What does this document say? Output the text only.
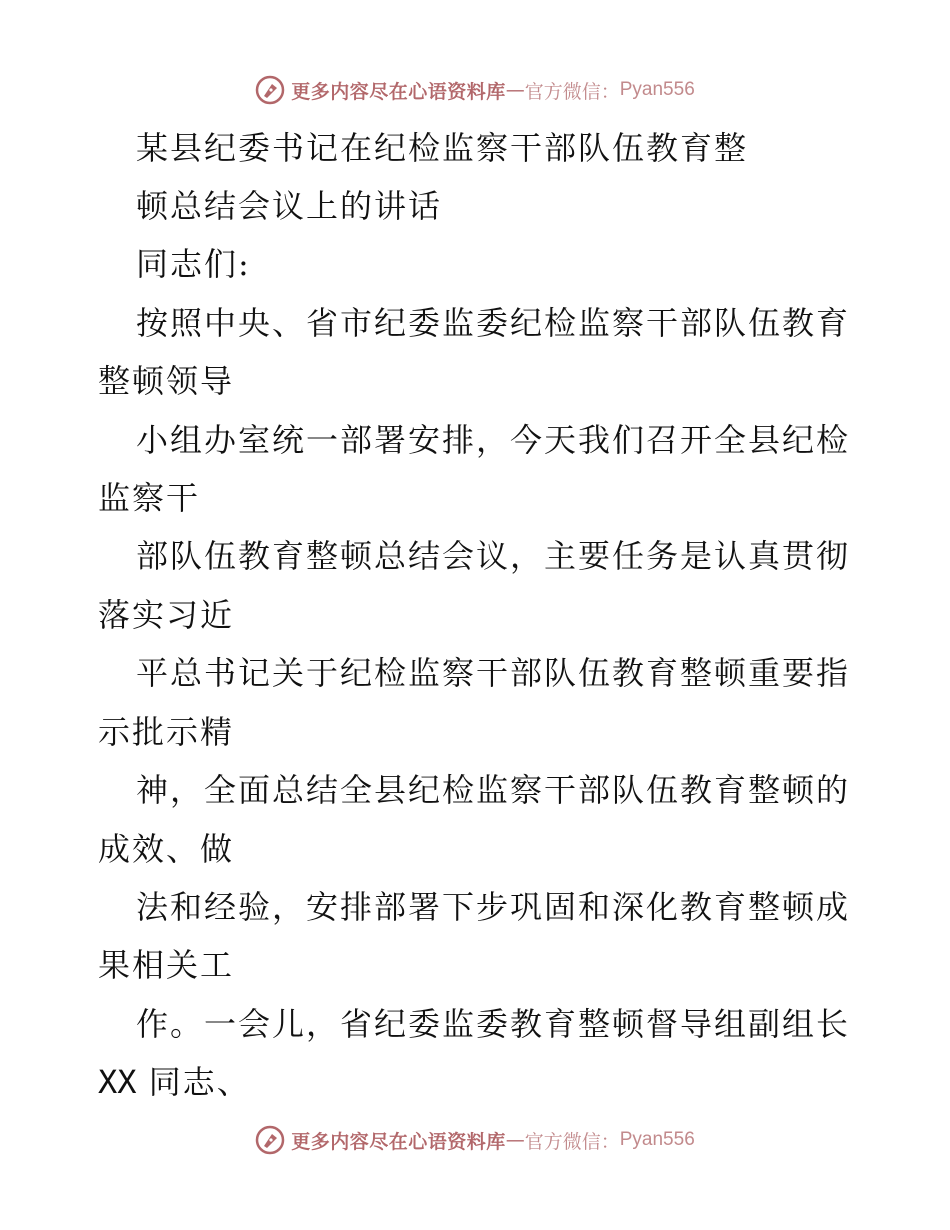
更多内容尽在心语资料库 — 官方微信： Pyan556
某县纪委书记在纪检监察干部队伍教育整
顿总结会议上的讲话
同志们:
按照中央、省市纪委监委纪检监察干部队伍教育
整顿领导
小组办室统一部署安排，今天我们召开全县纪检
监察干
部队伍教育整顿总结会议，主要任务是认真贯彻
落实习近
平总书记关于纪检监察干部队伍教育整顿重要指
示批示精
神，全面总结全县纪检监察干部队伍教育整顿的
成效、做
法和经验，安排部署下步巩固和深化教育整顿成
果相关工
作。一会儿，省纪委监委教育整顿督导组副组长
XX 同志、
更多内容尽在心语资料库 — 官方微信： Pyan556
